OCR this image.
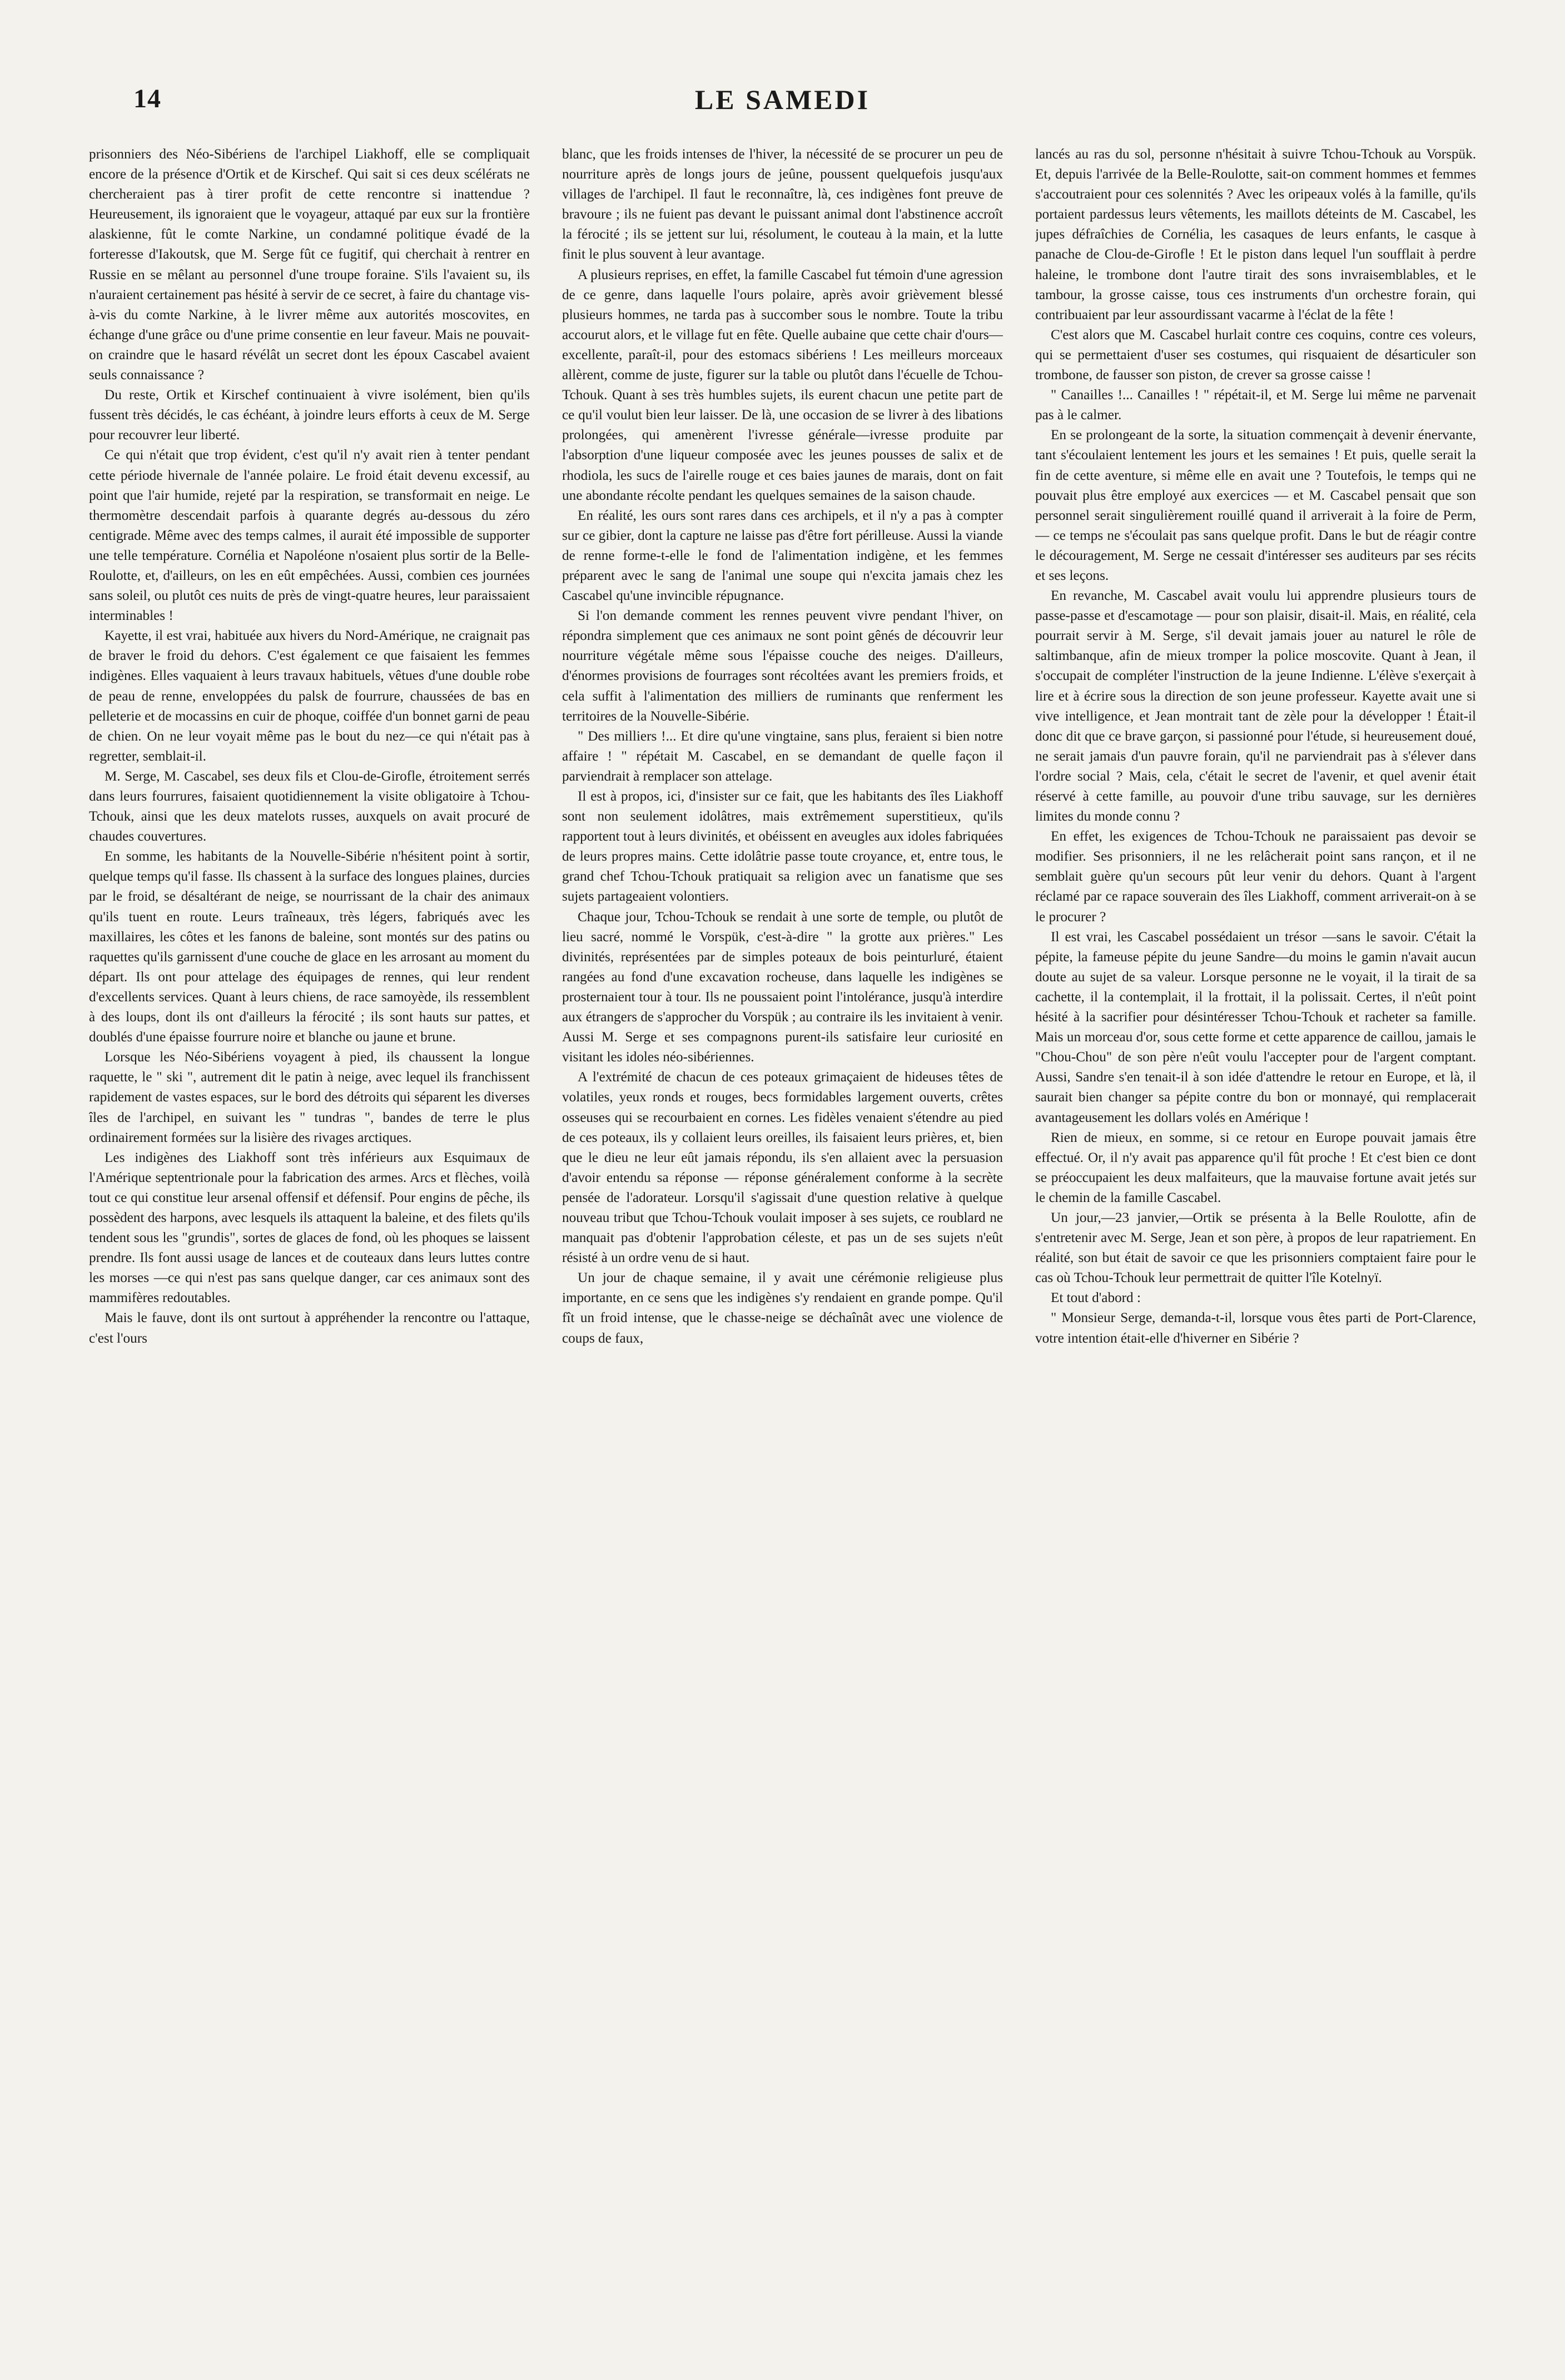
14	LE SAMEDI

prisonniers des Néo-Sibériens de l'archipel Liakhoff, elle se compliquait encore de la présence d'Ortik et de Kirschef. Qui sait si ces deux scélérats ne chercheraient pas à tirer profit de cette rencontre si inattendue ? Heureusement, ils ignoraient que le voyageur, attaqué par eux sur la frontière alaskienne, fût le comte Narkine, un condamné politique évadé de la forteresse d'Iakoutsk, que M. Serge fût ce fugitif, qui cherchait à rentrer en Russie en se mêlant au personnel d'une troupe foraine. S'ils l'avaient su, ils n'auraient certainement pas hésité à servir de ce secret, à faire du chantage vis-à-vis du comte Narkine, à le livrer même aux autorités moscovites, en échange d'une grâce ou d'une prime consentie en leur faveur. Mais ne pouvait-on craindre que le hasard révélât un secret dont les époux Cascabel avaient seuls connaissance ?

Du reste, Ortik et Kirschef continuaient à vivre isolément, bien qu'ils fussent très décidés, le cas échéant, à joindre leurs efforts à ceux de M. Serge pour recouvrer leur liberté.

Ce qui n'était que trop évident, c'est qu'il n'y avait rien à tenter pendant cette période hivernale de l'année polaire. Le froid était devenu excessif, au point que l'air humide, rejeté par la respiration, se transformait en neige. Le thermomètre descendait parfois à quarante degrés au-dessous du zéro centigrade. Même avec des temps calmes, il aurait été impossible de supporter une telle température. Cornélia et Napoléone n'osaient plus sortir de la Belle-Roulotte, et, d'ailleurs, on les en eût empêchées. Aussi, combien ces journées sans soleil, ou plutôt ces nuits de près de vingt-quatre heures, leur paraissaient interminables !

Kayette, il est vrai, habituée aux hivers du Nord-Amérique, ne craignait pas de braver le froid du dehors. C'est également ce que faisaient les femmes indigènes. Elles vaquaient à leurs travaux habituels, vêtues d'une double robe de peau de renne, enveloppées du palsk de fourrure, chaussées de bas en pelleterie et de mocassins en cuir de phoque, coiffée d'un bonnet garni de peau de chien. On ne leur voyait même pas le bout du nez—ce qui n'était pas à regretter, semblait-il.

M. Serge, M. Cascabel, ses deux fils et Clou-de-Girofle, étroitement serrés dans leurs fourrures, faisaient quotidiennement la visite obligatoire à Tchou-Tchouk, ainsi que les deux matelots russes, auxquels on avait procuré de chaudes couvertures.

En somme, les habitants de la Nouvelle-Sibérie n'hésitent point à sortir, quelque temps qu'il fasse. Ils chassent à la surface des longues plaines, durcies par le froid, se désaltérant de neige, se nourrissant de la chair des animaux qu'ils tuent en route. Leurs traîneaux, très légers, fabriqués avec les maxillaires, les côtes et les fanons de baleine, sont montés sur des patins ou raquettes qu'ils garnissent d'une couche de glace en les arrosant au moment du départ. Ils ont pour attelage des équipages de rennes, qui leur rendent d'excellents services. Quant à leurs chiens, de race samoyède, ils ressemblent à des loups, dont ils ont d'ailleurs la férocité ; ils sont hauts sur pattes, et doublés d'une épaisse fourrure noire et blanche ou jaune et brune.

Lorsque les Néo-Sibériens voyagent à pied, ils chaussent la longue raquette, le " ski ", autrement dit le patin à neige, avec lequel ils franchissent rapidement de vastes espaces, sur le bord des détroits qui séparent les diverses îles de l'archipel, en suivant les " tundras ", bandes de terre le plus ordinairement formées sur la lisière des rivages arctiques.

Les indigènes des Liakhoff sont très inférieurs aux Esquimaux de l'Amérique septentrionale pour la fabrication des armes. Arcs et flèches, voilà tout ce qui constitue leur arsenal offensif et défensif. Pour engins de pêche, ils possèdent des harpons, avec lesquels ils attaquent la baleine, et des filets qu'ils tendent sous les "grundis", sortes de glaces de fond, où les phoques se laissent prendre. Ils font aussi usage de lances et de couteaux dans leurs luttes contre les morses —ce qui n'est pas sans quelque danger, car ces animaux sont des mammifères redoutables.

Mais le fauve, dont ils ont surtout à appréhender la rencontre ou l'attaque, c'est l'ours

blanc, que les froids intenses de l'hiver, la nécessité de se procurer un peu de nourriture après de longs jours de jeûne, poussent quelquefois jusqu'aux villages de l'archipel. Il faut le reconnaître, là, ces indigènes font preuve de bravoure ; ils ne fuient pas devant le puissant animal dont l'abstinence accroît la férocité ; ils se jettent sur lui, résolument, le couteau à la main, et la lutte finit le plus souvent à leur avantage.

A plusieurs reprises, en effet, la famille Cascabel fut témoin d'une agression de ce genre, dans laquelle l'ours polaire, après avoir grièvement blessé plusieurs hommes, ne tarda pas à succomber sous le nombre. Toute la tribu accourut alors, et le village fut en fête. Quelle aubaine que cette chair d'ours—excellente, paraît-il, pour des estomacs sibériens ! Les meilleurs morceaux allèrent, comme de juste, figurer sur la table ou plutôt dans l'écuelle de Tchou-Tchouk. Quant à ses très humbles sujets, ils eurent chacun une petite part de ce qu'il voulut bien leur laisser. De là, une occasion de se livrer à des libations prolongées, qui amenèrent l'ivresse générale—ivresse produite par l'absorption d'une liqueur composée avec les jeunes pousses de salix et de rhodiola, les sucs de l'airelle rouge et ces baies jaunes de marais, dont on fait une abondante récolte pendant les quelques semaines de la saison chaude.

En réalité, les ours sont rares dans ces archipels, et il n'y a pas à compter sur ce gibier, dont la capture ne laisse pas d'être fort périlleuse. Aussi la viande de renne forme-t-elle le fond de l'alimentation indigène, et les femmes préparent avec le sang de l'animal une soupe qui n'excita jamais chez les Cascabel qu'une invincible répugnance.

Si l'on demande comment les rennes peuvent vivre pendant l'hiver, on répondra simplement que ces animaux ne sont point gênés de découvrir leur nourriture végétale même sous l'épaisse couche des neiges. D'ailleurs, d'énormes provisions de fourrages sont récoltées avant les premiers froids, et cela suffit à l'alimentation des milliers de ruminants que renferment les territoires de la Nouvelle-Sibérie.

" Des milliers !... Et dire qu'une vingtaine, sans plus, feraient si bien notre affaire ! " répétait M. Cascabel, en se demandant de quelle façon il parviendrait à remplacer son attelage.

Il est à propos, ici, d'insister sur ce fait, que les habitants des îles Liakhoff sont non seulement idolâtres, mais extrêmement superstitieux, qu'ils rapportent tout à leurs divinités, et obéissent en aveugles aux idoles fabriquées de leurs propres mains. Cette idolâtrie passe toute croyance, et, entre tous, le grand chef Tchou-Tchouk pratiquait sa religion avec un fanatisme que ses sujets partageaient volontiers.

Chaque jour, Tchou-Tchouk se rendait à une sorte de temple, ou plutôt de lieu sacré, nommé le Vorspük, c'est-à-dire " la grotte aux prières." Les divinités, représentées par de simples poteaux de bois peinturluré, étaient rangées au fond d'une excavation rocheuse, dans laquelle les indigènes se prosternaient tour à tour. Ils ne poussaient point l'intolérance, jusqu'à interdire aux étrangers de s'approcher du Vorspük ; au contraire ils les invitaient à venir. Aussi M. Serge et ses compagnons purent-ils satisfaire leur curiosité en visitant les idoles néo-sibériennes.

A l'extrémité de chacun de ces poteaux grimaçaient de hideuses têtes de volatiles, yeux ronds et rouges, becs formidables largement ouverts, crêtes osseuses qui se recourbaient en cornes. Les fidèles venaient s'étendre au pied de ces poteaux, ils y collaient leurs oreilles, ils faisaient leurs prières, et, bien que le dieu ne leur eût jamais répondu, ils s'en allaient avec la persuasion d'avoir entendu sa réponse — réponse généralement conforme à la secrète pensée de l'adorateur. Lorsqu'il s'agissait d'une question relative à quelque nouveau tribut que Tchou-Tchouk voulait imposer à ses sujets, ce roublard ne manquait pas d'obtenir l'approbation céleste, et pas un de ses sujets n'eût résisté à un ordre venu de si haut.

Un jour de chaque semaine, il y avait une cérémonie religieuse plus importante, en ce sens que les indigènes s'y rendaient en grande pompe. Qu'il fît un froid intense, que le chasse-neige se déchaînât avec une violence de coups de faux,

lancés au ras du sol, personne n'hésitait à suivre Tchou-Tchouk au Vorspük. Et, depuis l'arrivée de la Belle-Roulotte, sait-on comment hommes et femmes s'accoutraient pour ces solennités ? Avec les oripeaux volés à la famille, qu'ils portaient pardessus leurs vêtements, les maillots déteints de M. Cascabel, les jupes défraîchies de Cornélia, les casaques de leurs enfants, le casque à panache de Clou-de-Girofle ! Et le piston dans lequel l'un soufflait à perdre haleine, le trombone dont l'autre tirait des sons invraisemblables, et le tambour, la grosse caisse, tous ces instruments d'un orchestre forain, qui contribuaient par leur assourdissant vacarme à l'éclat de la fête !

C'est alors que M. Cascabel hurlait contre ces coquins, contre ces voleurs, qui se permettaient d'user ses costumes, qui risquaient de désarticuler son trombone, de fausser son piston, de crever sa grosse caisse !

" Canailles !... Canailles ! " répétait-il, et M. Serge lui même ne parvenait pas à le calmer.

En se prolongeant de la sorte, la situation commençait à devenir énervante, tant s'écoulaient lentement les jours et les semaines ! Et puis, quelle serait la fin de cette aventure, si même elle en avait une ? Toutefois, le temps qui ne pouvait plus être employé aux exercices — et M. Cascabel pensait que son personnel serait singulièrement rouillé quand il arriverait à la foire de Perm, — ce temps ne s'écoulait pas sans quelque profit. Dans le but de réagir contre le découragement, M. Serge ne cessait d'intéresser ses auditeurs par ses récits et ses leçons.

En revanche, M. Cascabel avait voulu lui apprendre plusieurs tours de passe-passe et d'escamotage — pour son plaisir, disait-il. Mais, en réalité, cela pourrait servir à M. Serge, s'il devait jamais jouer au naturel le rôle de saltimbanque, afin de mieux tromper la police moscovite. Quant à Jean, il s'occupait de compléter l'instruction de la jeune Indienne. L'élève s'exerçait à lire et à écrire sous la direction de son jeune professeur. Kayette avait une si vive intelligence, et Jean montrait tant de zèle pour la développer ! Était-il donc dit que ce brave garçon, si passionné pour l'étude, si heureusement doué, ne serait jamais d'un pauvre forain, qu'il ne parviendrait pas à s'élever dans l'ordre social ? Mais, cela, c'était le secret de l'avenir, et quel avenir était réservé à cette famille, au pouvoir d'une tribu sauvage, sur les dernières limites du monde connu ?

En effet, les exigences de Tchou-Tchouk ne paraissaient pas devoir se modifier. Ses prisonniers, il ne les relâcherait point sans rançon, et il ne semblait guère qu'un secours pût leur venir du dehors. Quant à l'argent réclamé par ce rapace souverain des îles Liakhoff, comment arriverait-on à se le procurer ?

Il est vrai, les Cascabel possédaient un trésor —sans le savoir. C'était la pépite, la fameuse pépite du jeune Sandre—du moins le gamin n'avait aucun doute au sujet de sa valeur. Lorsque personne ne le voyait, il la tirait de sa cachette, il la contemplait, il la frottait, il la polissait. Certes, il n'eût point hésité à la sacrifier pour désintéresser Tchou-Tchouk et racheter sa famille. Mais un morceau d'or, sous cette forme et cette apparence de caillou, jamais le "Chou-Chou" de son père n'eût voulu l'accepter pour de l'argent comptant. Aussi, Sandre s'en tenait-il à son idée d'attendre le retour en Europe, et là, il saurait bien changer sa pépite contre du bon or monnayé, qui remplacerait avantageusement les dollars volés en Amérique !

Rien de mieux, en somme, si ce retour en Europe pouvait jamais être effectué. Or, il n'y avait pas apparence qu'il fût proche ! Et c'est bien ce dont se préoccupaient les deux malfaiteurs, que la mauvaise fortune avait jetés sur le chemin de la famille Cascabel.

Un jour,—23 janvier,—Ortik se présenta à la Belle Roulotte, afin de s'entretenir avec M. Serge, Jean et son père, à propos de leur rapatriement. En réalité, son but était de savoir ce que les prisonniers comptaient faire pour le cas où Tchou-Tchouk leur permettrait de quitter l'île Kotelnyï.

Et tout d'abord :

" Monsieur Serge, demanda-t-il, lorsque vous êtes parti de Port-Clarence, votre intention était-elle d'hiverner en Sibérie ?
